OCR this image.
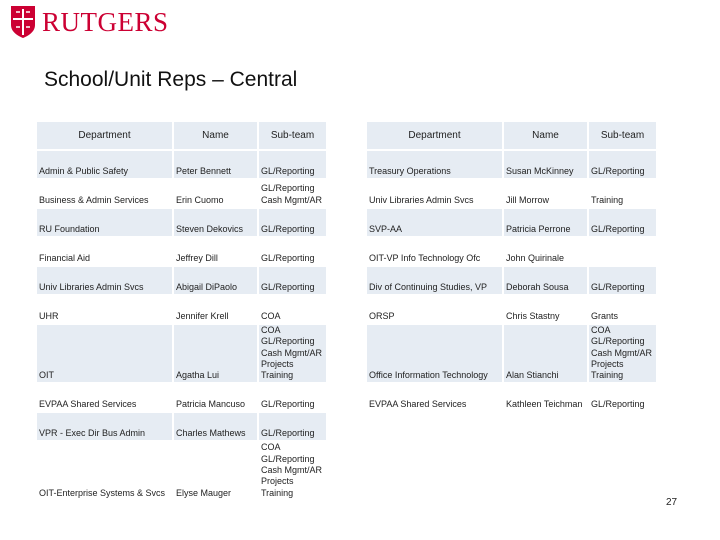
RUTGERS
School/Unit Reps – Central
Department	Name	Sub-team
Admin & Public Safety	Peter Bennett	GL/Reporting

Business & Admin Services	Erin Cuomo	GL/Reporting
Cash Mgmt/AR

RU Foundation	Steven Dekovics	GL/Reporting

Financial Aid	Jeffrey Dill	GL/Reporting

Univ Libraries Admin Svcs	Abigail DiPaolo	GL/Reporting

UHR	Jennifer Krell	COA

OIT	Agatha Lui	COA
GL/Reporting
Cash Mgmt/AR
Projects
Training

EVPAA Shared Services	Patricia Mancuso	GL/Reporting

VPR - Exec Dir Bus Admin	Charles Mathews	GL/Reporting

OIT-Enterprise Systems & Svcs	Elyse Mauger	COA
GL/Reporting
Cash Mgmt/AR
Projects
Training
Department	Name	Sub-team
Treasury Operations	Susan McKinney	GL/Reporting

Univ Libraries Admin Svcs	Jill Morrow	Training

SVP-AA	Patricia Perrone	GL/Reporting

OIT-VP Info Technology Ofc	John Quirinale	
Div of Continuing Studies, VP	Deborah Sousa	GL/Reporting

ORSP	Chris Stastny	Grants

Office Information Technology	Alan Stianchi	COA
GL/Reporting
Cash Mgmt/AR
Projects
Training

EVPAA Shared Services	Kathleen Teichman	GL/Reporting
27
